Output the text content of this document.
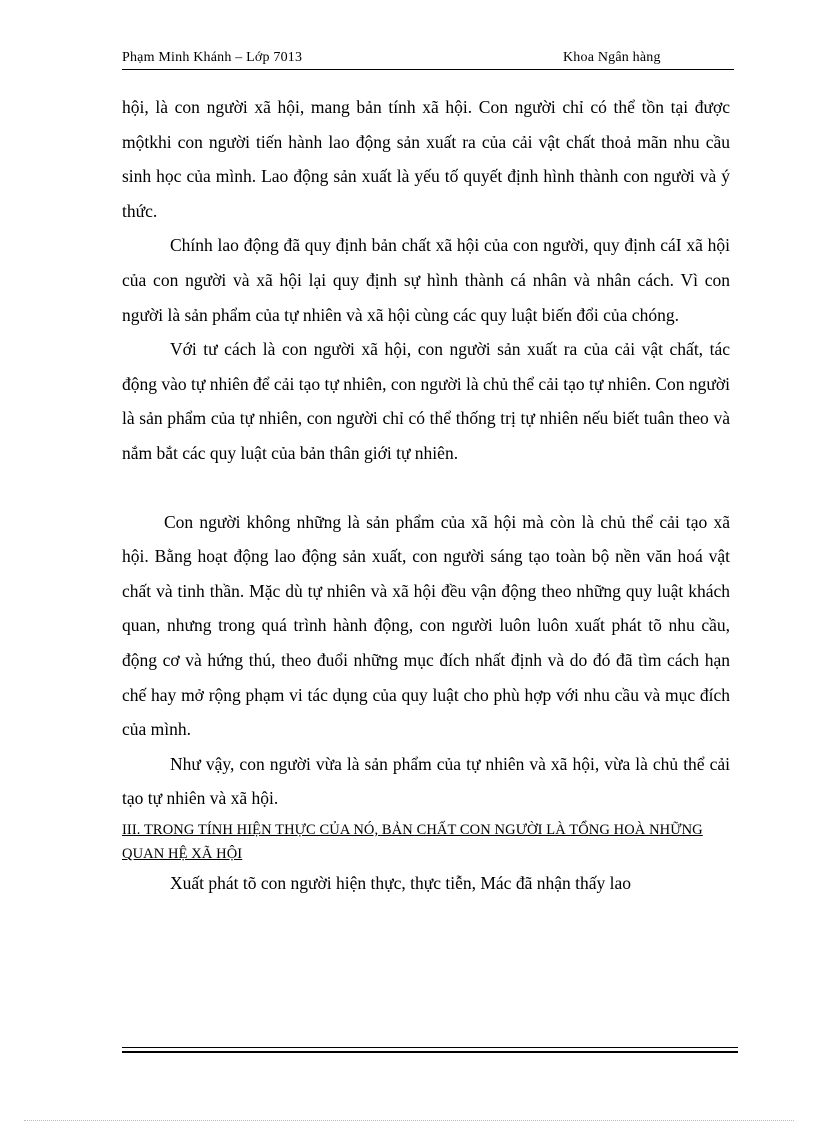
Phạm Minh Khánh – Lớp 7013	Khoa Ngân hàng

hội, là con người xã hội, mang bản tính xã hội. Con người chỉ có thể tồn tại được mộtkhi con người tiến hành lao động sản xuất ra của cải vật chất thoả mãn nhu cầu sinh học của mình. Lao động sản xuất là yếu tố quyết định hình thành con người và ý thức.

Chính lao động đã quy định bản chất xã hội của con người, quy định cáI xã hội của con người và xã hội lại quy định sự hình thành cá nhân và nhân cách. Vì con người là sản phẩm của tự nhiên và xã hội cùng các quy luật biến đổi của chóng.

Với tư cách là con người xã hội, con người sản xuất ra của cải vật chất, tác động vào tự nhiên để cải tạo tự nhiên, con người là chủ thể cải tạo tự nhiên. Con người là sản phẩm của tự nhiên, con người chỉ có thể thống trị tự nhiên nếu biết tuân theo và nắm bắt các quy luật của bản thân giới tự nhiên.

Con người không những là sản phẩm của xã hội mà còn là chủ thể cải tạo xã hội. Bằng hoạt động lao động sản xuất, con người sáng tạo toàn bộ nền văn hoá vật chất và tinh thần. Mặc dù tự nhiên và xã hội đều vận động theo những quy luật khách quan, nhưng trong quá trình hành động, con người luôn luôn xuất phát tõ nhu cầu, động cơ và hứng thú, theo đuổi những mục đích nhất định và do đó đã tìm cách hạn chế hay mở rộng phạm vi tác dụng của quy luật cho phù hợp với nhu cầu và mục đích của mình.

Như vậy, con người vừa là sản phẩm của tự nhiên và xã hội, vừa là chủ thể cải tạo tự nhiên và xã hội.

III. TRONG TÍNH HIỆN THỰC CỦA NÓ, BẢN CHẤT CON NGƯỜI LÀ TỔNG HOÀ NHỮNG QUAN HỆ XÃ HỘI

Xuất phát tõ con người hiện thực, thực tiễn, Mác đã nhận thấy lao
